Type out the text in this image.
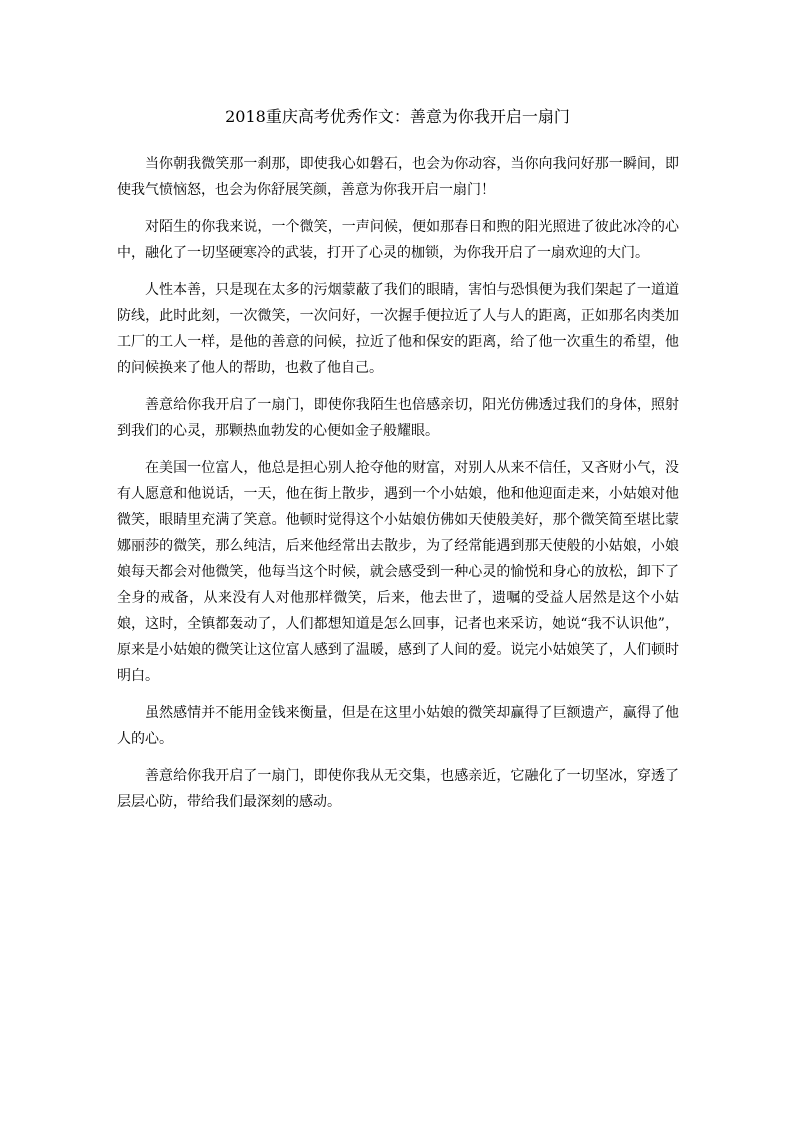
2018重庆高考优秀作文：善意为你我开启一扇门

当你朝我微笑那一刹那，即使我心如磐石，也会为你动容，当你向我问好那一瞬间，即使我气愤恼怒，也会为你舒展笑颜，善意为你我开启一扇门！

对陌生的你我来说，一个微笑，一声问候，便如那春日和煦的阳光照进了彼此冰冷的心中，融化了一切坚硬寒冷的武装，打开了心灵的枷锁，为你我开启了一扇欢迎的大门。

人性本善，只是现在太多的污烟蒙蔽了我们的眼睛，害怕与恐惧便为我们架起了一道道防线，此时此刻，一次微笑，一次问好，一次握手便拉近了人与人的距离，正如那名肉类加工厂的工人一样，是他的善意的问候，拉近了他和保安的距离，给了他一次重生的希望，他的问候换来了他人的帮助，也救了他自己。

善意给你我开启了一扇门，即使你我陌生也倍感亲切，阳光仿佛透过我们的身体，照射到我们的心灵，那颗热血勃发的心便如金子般耀眼。

在美国一位富人，他总是担心别人抢夺他的财富，对别人从来不信任，又吝财小气，没有人愿意和他说话，一天，他在街上散步，遇到一个小姑娘，他和他迎面走来，小姑娘对他微笑，眼睛里充满了笑意。他顿时觉得这个小姑娘仿佛如天使般美好，那个微笑简至堪比蒙娜丽莎的微笑，那么纯洁，后来他经常出去散步，为了经常能遇到那天使般的小姑娘，小娘娘每天都会对他微笑，他每当这个时候，就会感受到一种心灵的愉悦和身心的放松，卸下了全身的戒备，从来没有人对他那样微笑，后来，他去世了，遗嘱的受益人居然是这个小姑娘，这时，全镇都轰动了，人们都想知道是怎么回事，记者也来采访，她说“我不认识他”，原来是小姑娘的微笑让这位富人感到了温暖，感到了人间的爱。说完小姑娘笑了，人们顿时明白。

虽然感情并不能用金钱来衡量，但是在这里小姑娘的微笑却赢得了巨额遗产，赢得了他人的心。

善意给你我开启了一扇门，即使你我从无交集，也感亲近，它融化了一切坚冰，穿透了层层心防，带给我们最深刻的感动。
